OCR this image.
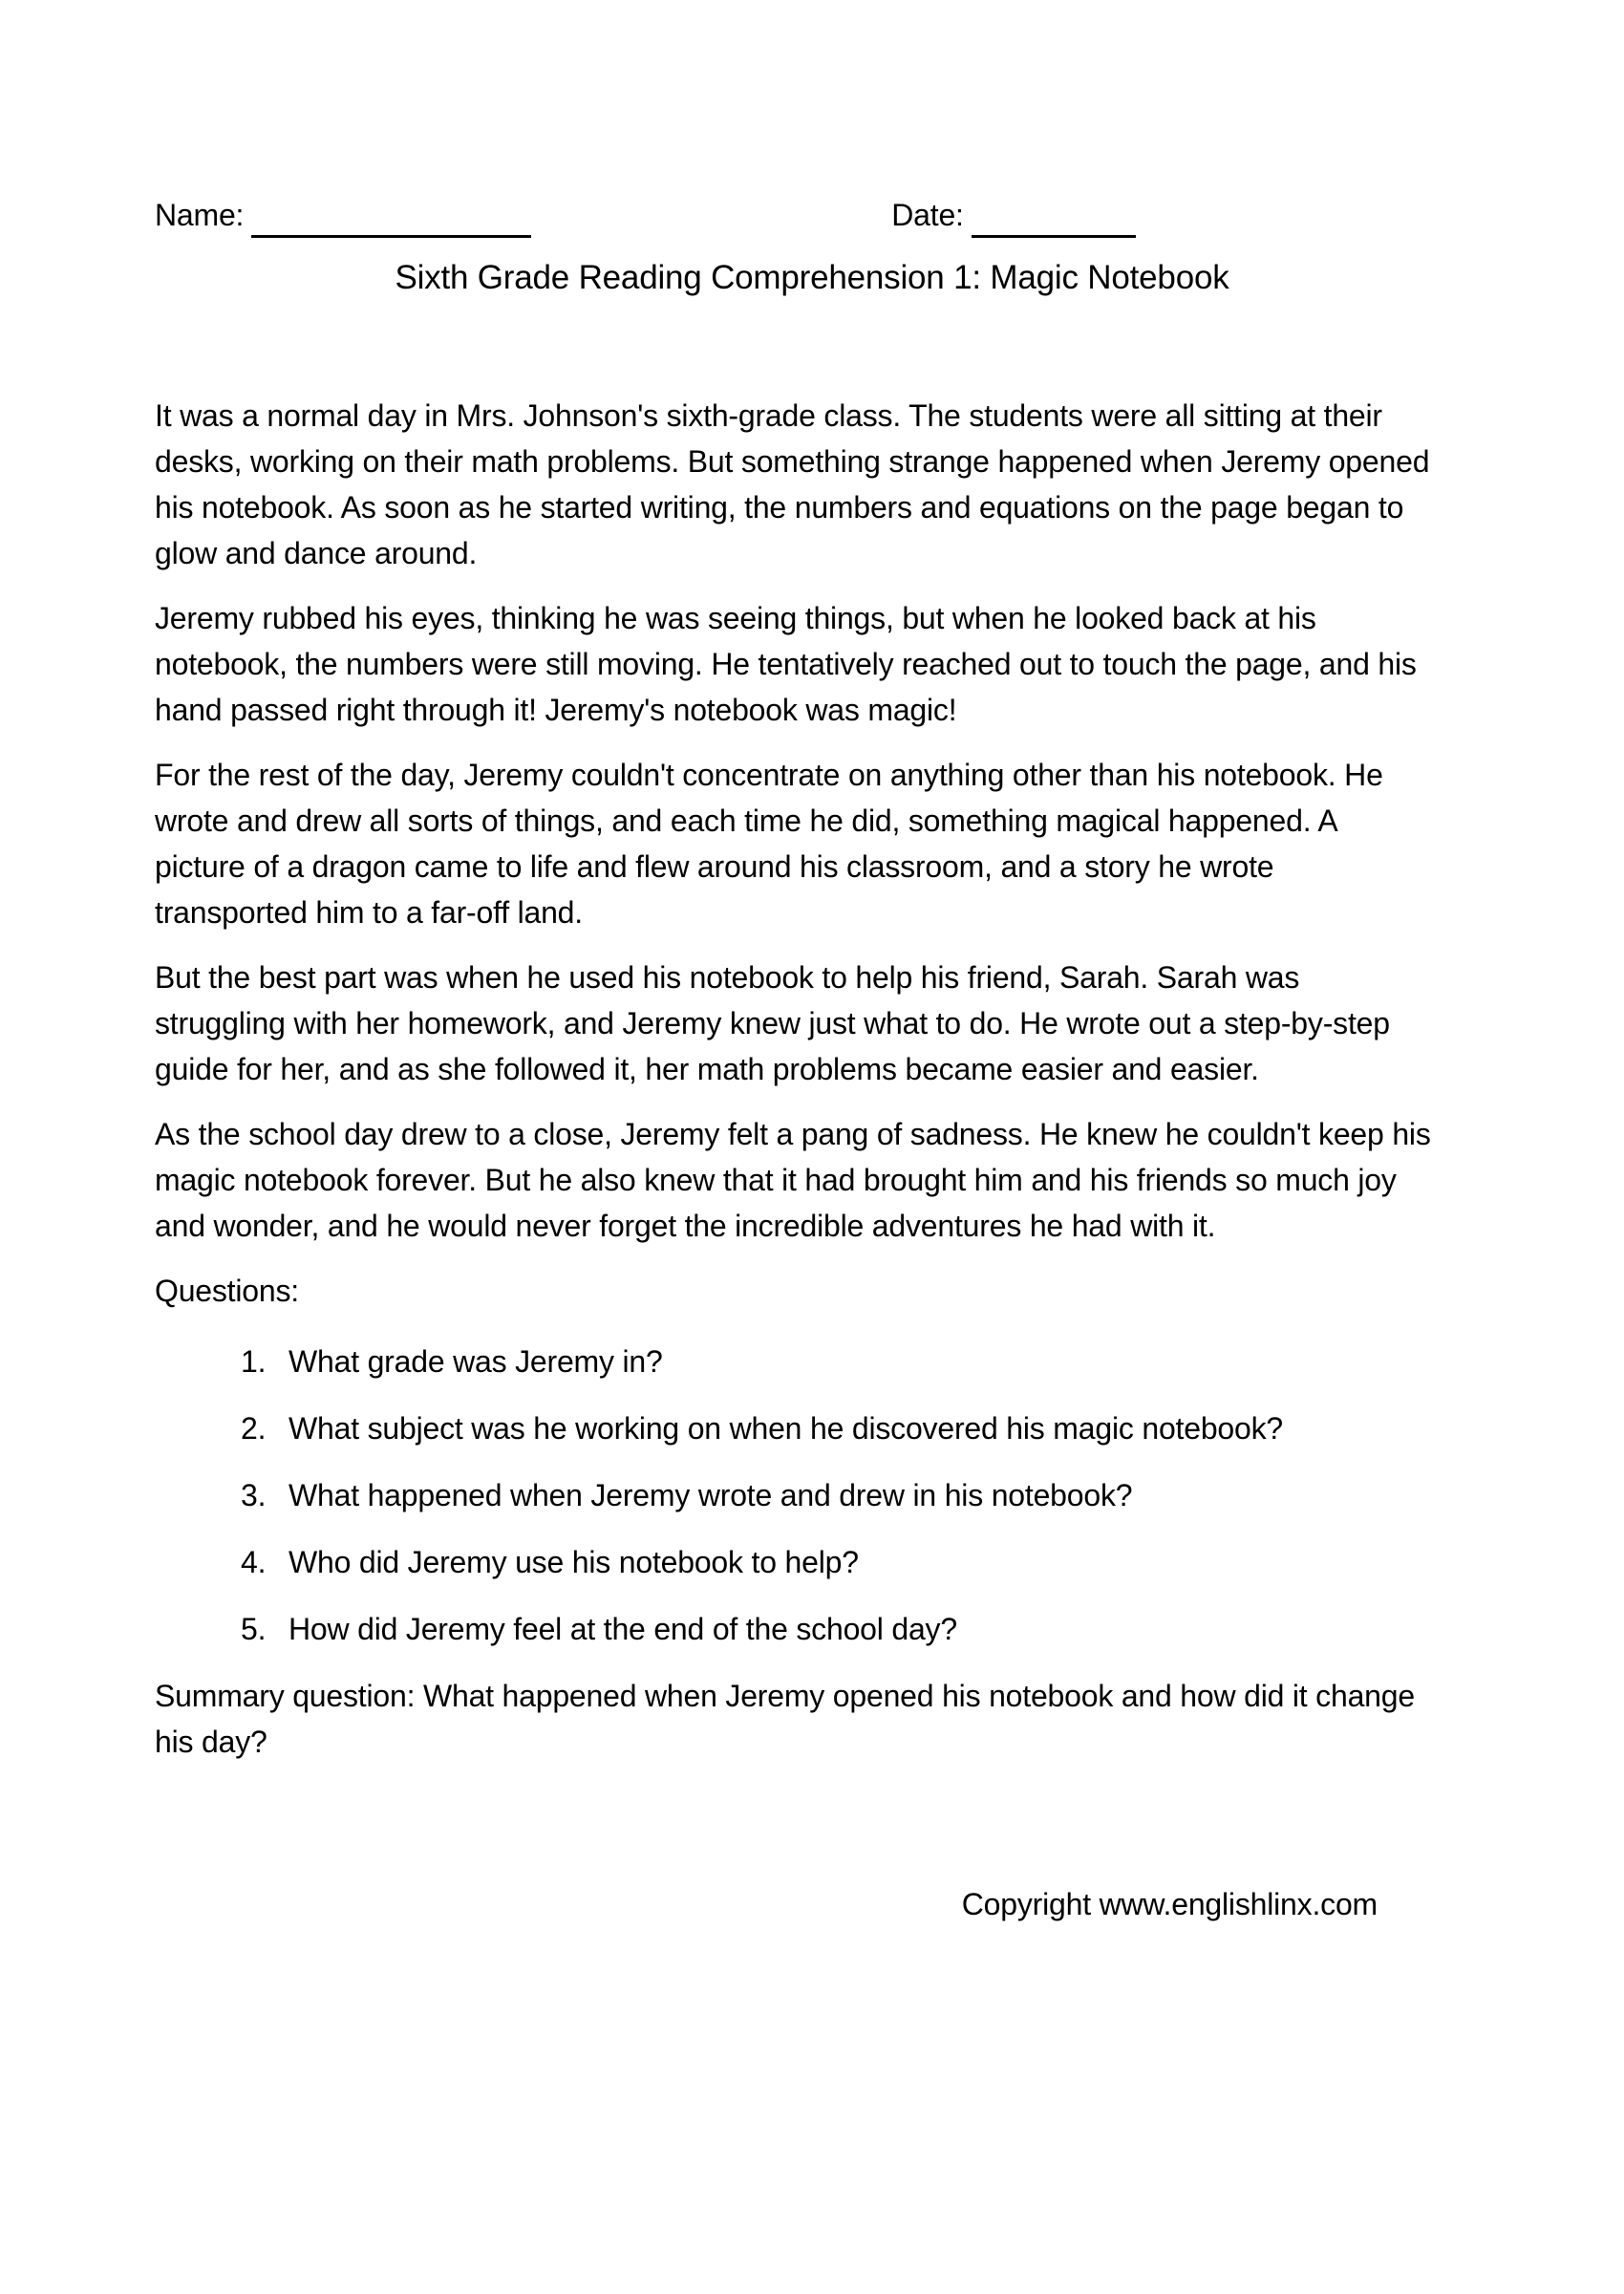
Name:	Date:
Sixth Grade Reading Comprehension 1: Magic Notebook

It was a normal day in Mrs. Johnson's sixth-grade class. The students were all sitting at their desks, working on their math problems. But something strange happened when Jeremy opened his notebook. As soon as he started writing, the numbers and equations on the page began to glow and dance around.

Jeremy rubbed his eyes, thinking he was seeing things, but when he looked back at his notebook, the numbers were still moving. He tentatively reached out to touch the page, and his hand passed right through it! Jeremy's notebook was magic!

For the rest of the day, Jeremy couldn't concentrate on anything other than his notebook. He wrote and drew all sorts of things, and each time he did, something magical happened. A picture of a dragon came to life and flew around his classroom, and a story he wrote transported him to a far-off land.

But the best part was when he used his notebook to help his friend, Sarah. Sarah was struggling with her homework, and Jeremy knew just what to do. He wrote out a step-by-step guide for her, and as she followed it, her math problems became easier and easier.

As the school day drew to a close, Jeremy felt a pang of sadness. He knew he couldn't keep his magic notebook forever. But he also knew that it had brought him and his friends so much joy and wonder, and he would never forget the incredible adventures he had with it.

Questions:
1. What grade was Jeremy in?
2. What subject was he working on when he discovered his magic notebook?
3. What happened when Jeremy wrote and drew in his notebook?
4. Who did Jeremy use his notebook to help?
5. How did Jeremy feel at the end of the school day?

Summary question: What happened when Jeremy opened his notebook and how did it change his day?

Copyright www.englishlinx.com
